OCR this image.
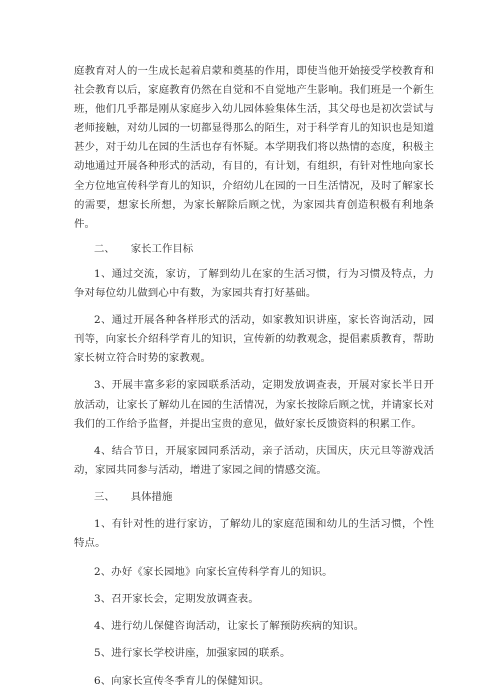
庭教育对人的一生成长起着启蒙和奠基的作用，即使当他开始接受学校教育和社会教育以后，家庭教育仍然在自觉和不自觉地产生影响。我们班是一个新生班，他们几乎都是刚从家庭步入幼儿园体验集体生活，其父母也是初次尝试与老师接触，对幼儿园的一切都显得那么的陌生，对于科学育儿的知识也是知道甚少，对于幼儿在园的生活也存有怀疑。本学期我们将以热情的态度，积极主动地通过开展各种形式的活动，有目的，有计划，有组织，有针对性地向家长全方位地宣传科学育儿的知识，介绍幼儿在园的一日生活情况，及时了解家长的需要，想家长所想，为家长解除后顾之忧，为家园共育创造积极有利地条件。

二、 家长工作目标

1、通过交流，家访，了解到幼儿在家的生活习惯，行为习惯及特点，力争对每位幼儿做到心中有数，为家园共育打好基础。

2、通过开展各种各样形式的活动，如家教知识讲座，家长咨询活动，园刊等，向家长介绍科学育儿的知识，宣传新的幼教观念，提倡素质教育，帮助家长树立符合时势的家教观。

3、开展丰富多彩的家园联系活动，定期发放调查表，开展对家长半日开放活动，让家长了解幼儿在园的生活情况，为家长按除后顾之忧，并请家长对我们的工作给予监督，并提出宝贵的意见，做好家长反馈资料的积累工作。

4、结合节日，开展家园同系活动，亲子活动，庆国庆，庆元旦等游戏活动，家园共同参与活动，增进了家园之间的情感交流。

三、 具体措施

1、有针对性的进行家访，了解幼儿的家庭范围和幼儿的生活习惯，个性特点。

2、办好《家长园地》向家长宣传科学育儿的知识。

3、召开家长会，定期发放调查表。

4、进行幼儿保健咨询活动，让家长了解预防疾病的知识。

5、进行家长学校讲座，加强家园的联系。

6、向家长宣传冬季育儿的保健知识。
